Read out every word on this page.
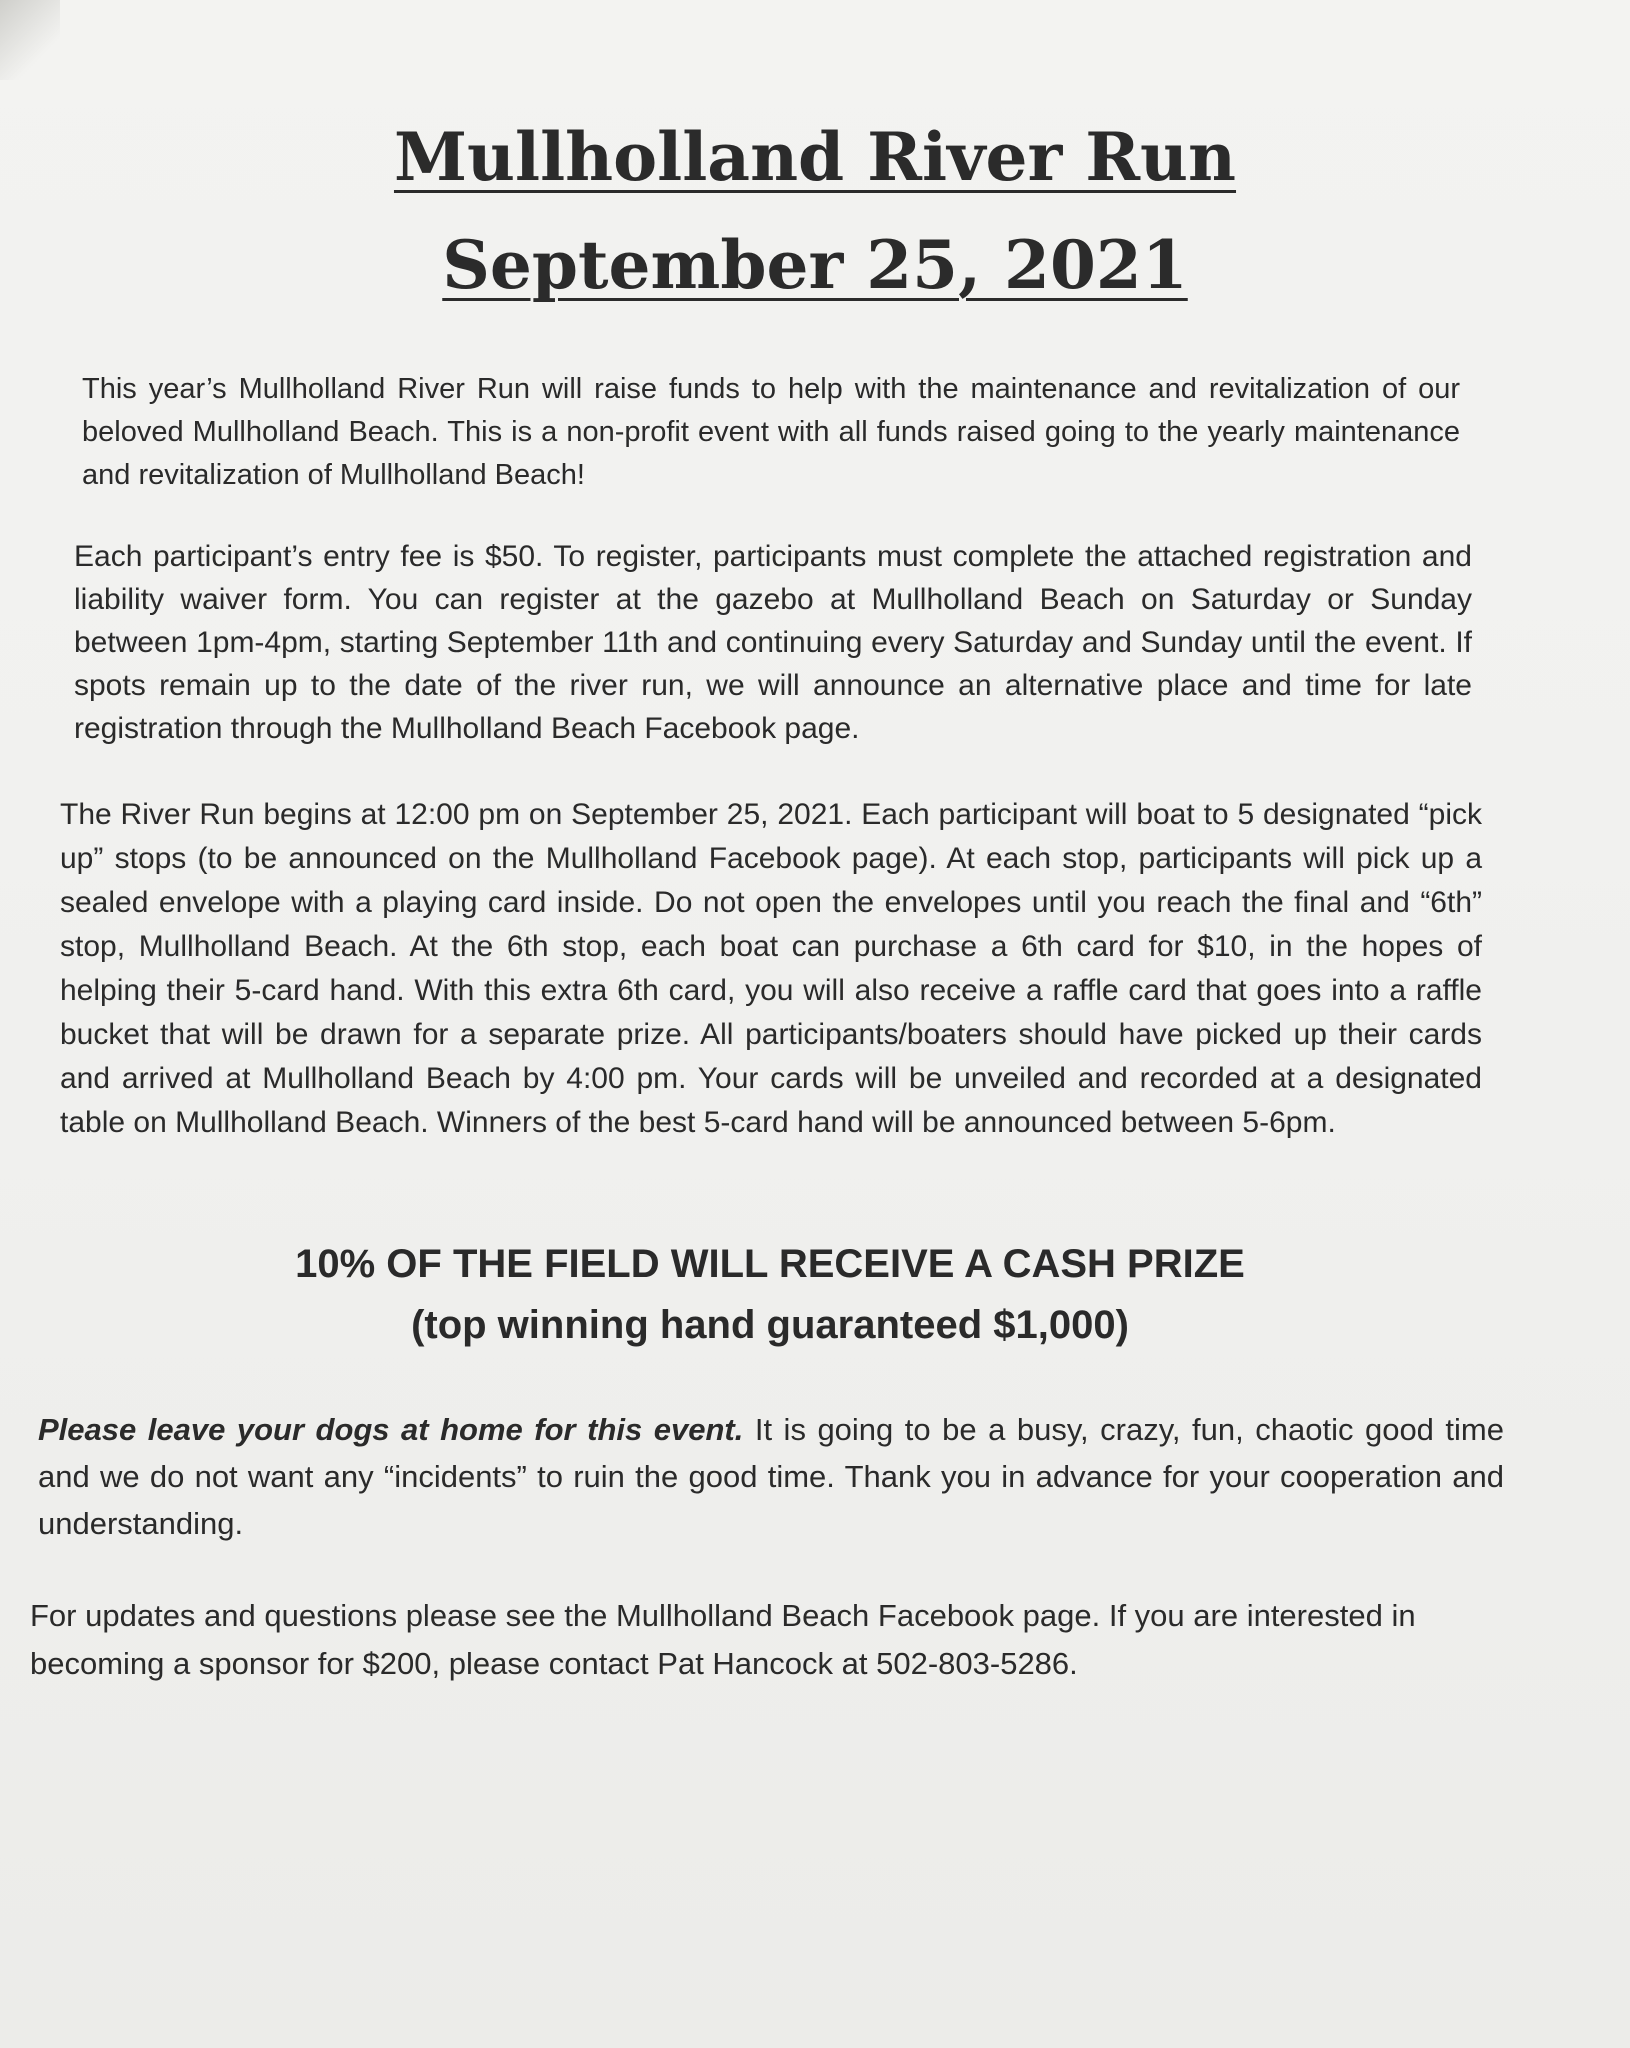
Mullholland River Run
September 25, 2021

This year’s Mullholland River Run will raise funds to help with the maintenance and revitalization of our beloved Mullholland Beach. This is a non-profit event with all funds raised going to the yearly maintenance and revitalization of Mullholland Beach!

Each participant’s entry fee is $50. To register, participants must complete the attached registration and liability waiver form. You can register at the gazebo at Mullholland Beach on Saturday or Sunday between 1pm-4pm, starting September 11th and continuing every Saturday and Sunday until the event. If spots remain up to the date of the river run, we will announce an alternative place and time for late registration through the Mullholland Beach Facebook page.

The River Run begins at 12:00 pm on September 25, 2021. Each participant will boat to 5 designated “pick up” stops (to be announced on the Mullholland Facebook page). At each stop, participants will pick up a sealed envelope with a playing card inside. Do not open the envelopes until you reach the final and “6th” stop, Mullholland Beach. At the 6th stop, each boat can purchase a 6th card for $10, in the hopes of helping their 5-card hand. With this extra 6th card, you will also receive a raffle card that goes into a raffle bucket that will be drawn for a separate prize. All participants/boaters should have picked up their cards and arrived at Mullholland Beach by 4:00 pm. Your cards will be unveiled and recorded at a designated table on Mullholland Beach. Winners of the best 5-card hand will be announced between 5-6pm.

10% OF THE FIELD WILL RECEIVE A CASH PRIZE

(top winning hand guaranteed $1,000)

Please leave your dogs at home for this event. It is going to be a busy, crazy, fun, chaotic good time and we do not want any “incidents” to ruin the good time. Thank you in advance for your cooperation and understanding.

For updates and questions please see the Mullholland Beach Facebook page. If you are interested in becoming a sponsor for $200, please contact Pat Hancock at 502-803-5286.
